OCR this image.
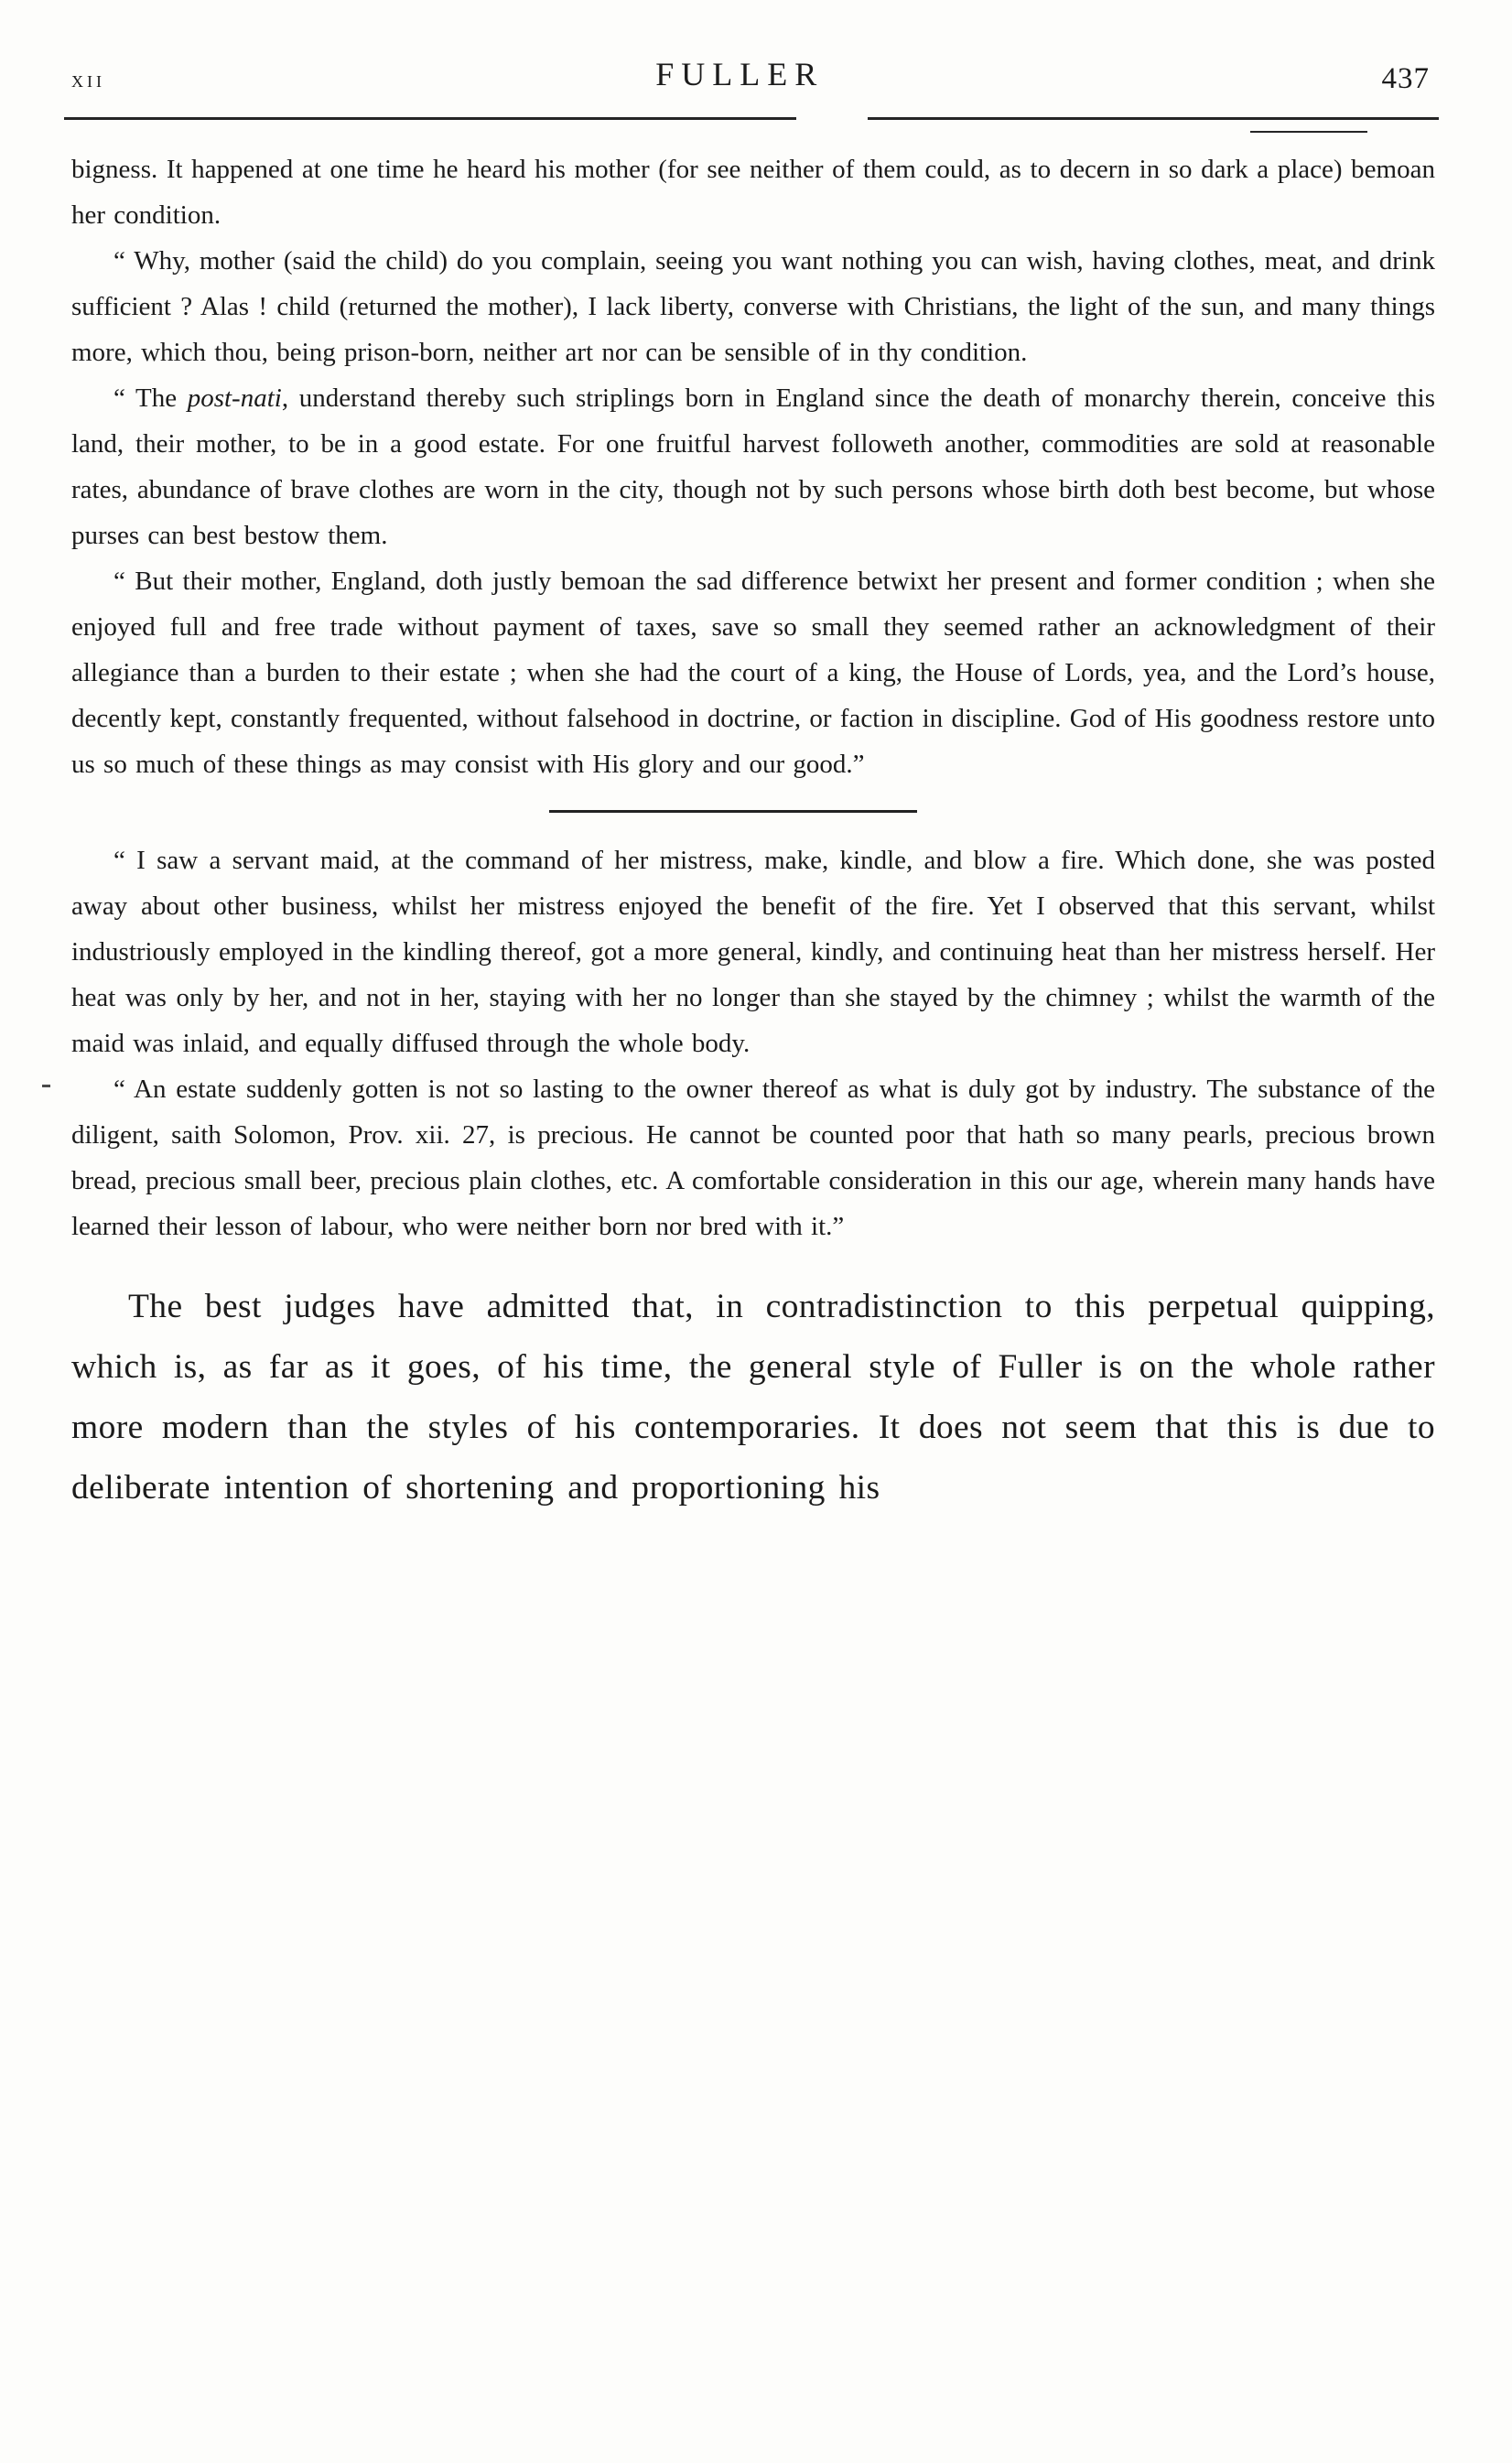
xii	FULLER	437

bigness. It happened at one time he heard his mother (for see neither of them could, as to decern in so dark a place) bemoan her condition.

“ Why, mother (said the child) do you complain, seeing you want nothing you can wish, having clothes, meat, and drink sufficient ? Alas ! child (returned the mother), I lack liberty, converse with Christians, the light of the sun, and many things more, which thou, being prison-born, neither art nor can be sensible of in thy condition.

“ The post-nati, understand thereby such striplings born in England since the death of monarchy therein, conceive this land, their mother, to be in a good estate. For one fruitful harvest followeth another, commodities are sold at reasonable rates, abundance of brave clothes are worn in the city, though not by such persons whose birth doth best become, but whose purses can best bestow them.

“ But their mother, England, doth justly bemoan the sad difference betwixt her present and former condition ; when she enjoyed full and free trade without payment of taxes, save so small they seemed rather an acknowledgment of their allegiance than a burden to their estate ; when she had the court of a king, the House of Lords, yea, and the Lord’s house, decently kept, constantly frequented, without falsehood in doctrine, or faction in discipline. God of His goodness restore unto us so much of these things as may consist with His glory and our good.”

“ I saw a servant maid, at the command of her mistress, make, kindle, and blow a fire. Which done, she was posted away about other business, whilst her mistress enjoyed the benefit of the fire. Yet I observed that this servant, whilst industriously employed in the kindling thereof, got a more general, kindly, and continuing heat than her mistress herself. Her heat was only by her, and not in her, staying with her no longer than she stayed by the chimney ; whilst the warmth of the maid was inlaid, and equally diffused through the whole body.

“ An estate suddenly gotten is not so lasting to the owner thereof as what is duly got by industry. The substance of the diligent, saith Solomon, Prov. xii. 27, is precious. He cannot be counted poor that hath so many pearls, precious brown bread, precious small beer, precious plain clothes, etc. A comfortable consideration in this our age, wherein many hands have learned their lesson of labour, who were neither born nor bred with it.”

The best judges have admitted that, in contradistinction to this perpetual quipping, which is, as far as it goes, of his time, the general style of Fuller is on the whole rather more modern than the styles of his contemporaries. It does not seem that this is due to deliberate intention of shortening and proportioning his
